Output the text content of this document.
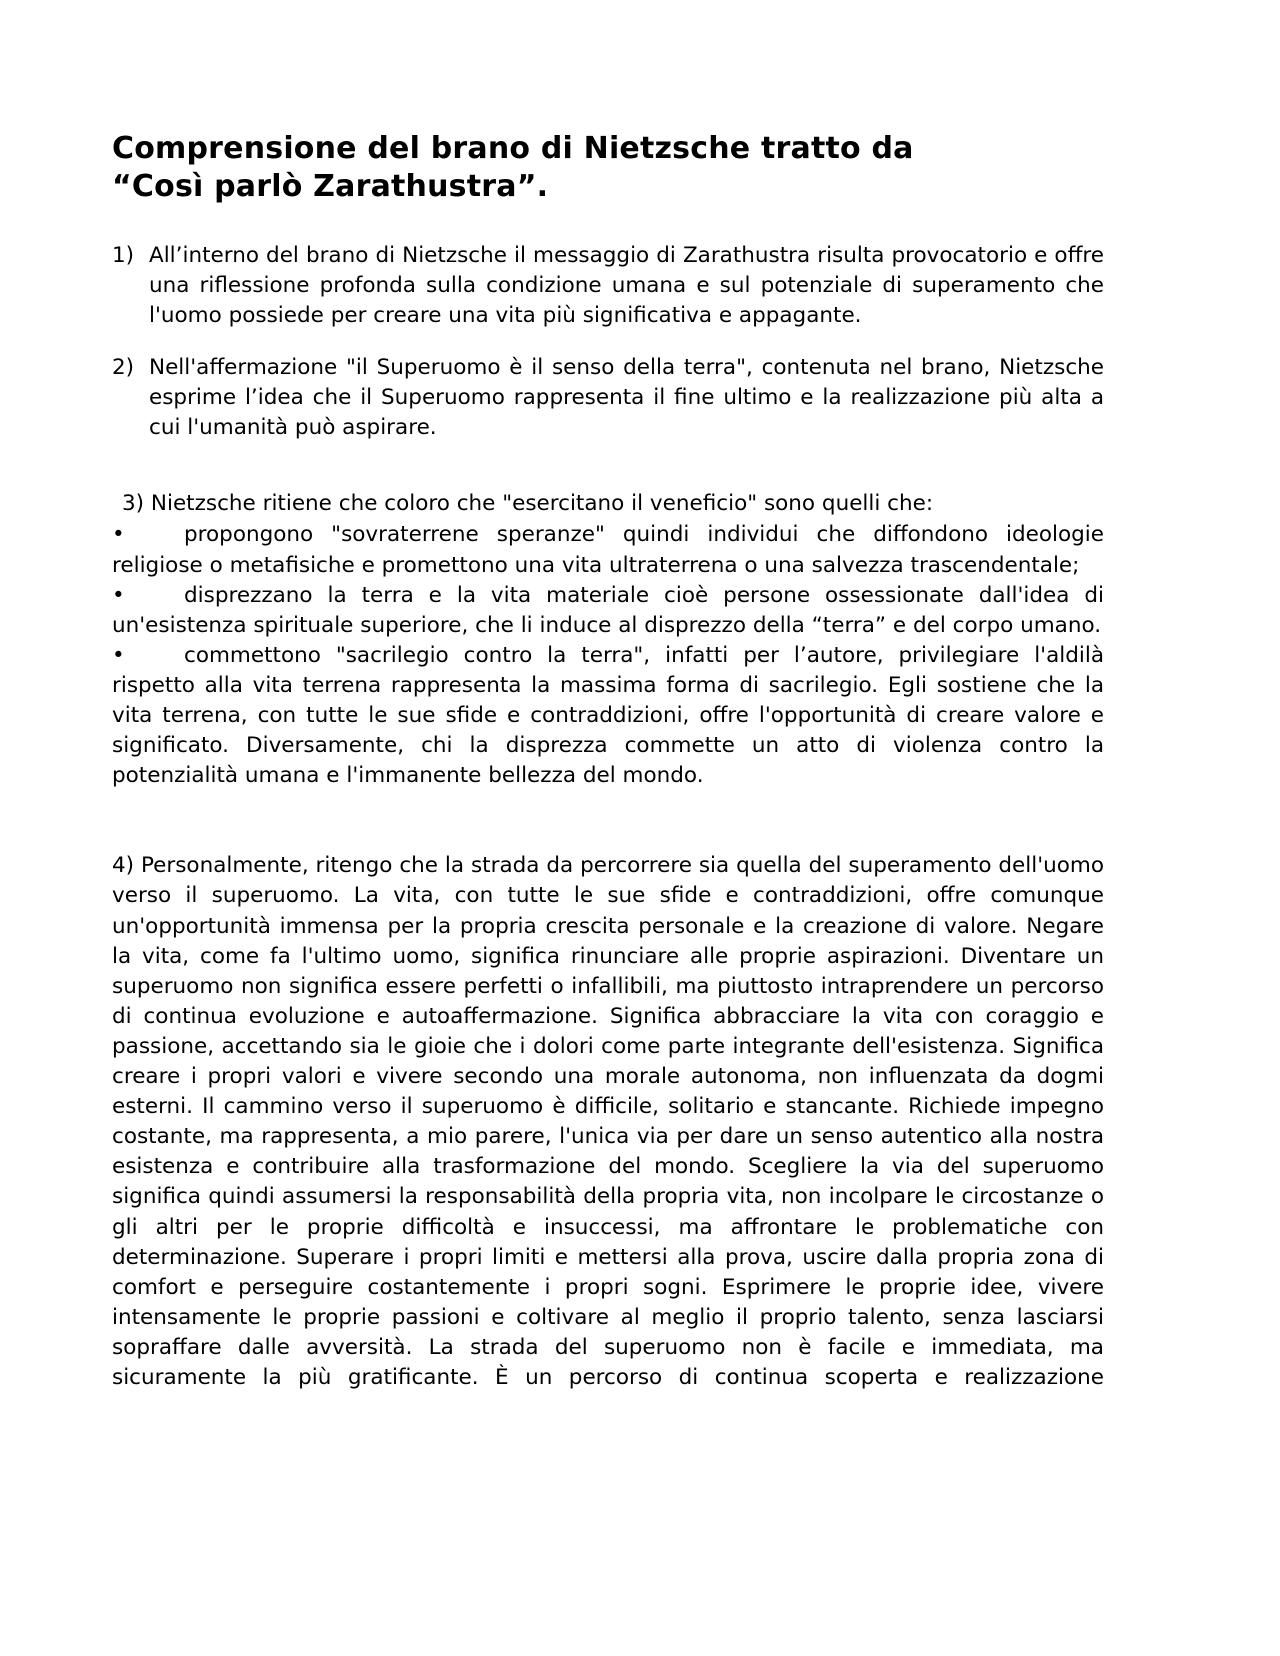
Comprensione del brano di Nietzsche tratto da
“Così parlò Zarathustra”.
1) All’interno del brano di Nietzsche il messaggio di Zarathustra risulta provocatorio e offre una riflessione profonda sulla condizione umana e sul potenziale di superamento che l'uomo possiede per creare una vita più significativa e appagante.
2) Nell'affermazione "il Superuomo è il senso della terra", contenuta nel brano, Nietzsche esprime l’idea che il Superuomo rappresenta il fine ultimo e la realizzazione più alta a cui l'umanità può aspirare.
3) Nietzsche ritiene che coloro che "esercitano il veneficio" sono quelli che:

•	propongono "sovraterrene speranze" quindi individui che diffondono ideologie religiose o metafisiche e promettono una vita ultraterrena o una salvezza trascendentale;

•	disprezzano la terra e la vita materiale cioè persone ossessionate dall'idea di un'esistenza spirituale superiore, che li induce al disprezzo della “terra” e del corpo umano.

•	commettono "sacrilegio contro la terra", infatti per l’autore, privilegiare l'aldilà rispetto alla vita terrena rappresenta la massima forma di sacrilegio. Egli sostiene che la vita terrena, con tutte le sue sfide e contraddizioni, offre l'opportunità di creare valore e significato. Diversamente, chi la disprezza commette un atto di violenza contro la potenzialità umana e l'immanente bellezza del mondo.

4) Personalmente, ritengo che la strada da percorrere sia quella del superamento dell'uomo verso il superuomo. La vita, con tutte le sue sfide e contraddizioni, offre comunque un'opportunità immensa per la propria crescita personale e la creazione di valore. Negare la vita, come fa l'ultimo uomo, significa rinunciare alle proprie aspirazioni. Diventare un superuomo non significa essere perfetti o infallibili, ma piuttosto intraprendere un percorso di continua evoluzione e autoaffermazione. Significa abbracciare la vita con coraggio e passione, accettando sia le gioie che i dolori come parte integrante dell'esistenza. Significa creare i propri valori e vivere secondo una morale autonoma, non influenzata da dogmi esterni. Il cammino verso il superuomo è difficile, solitario e stancante. Richiede impegno costante, ma rappresenta, a mio parere, l'unica via per dare un senso autentico alla nostra esistenza e contribuire alla trasformazione del mondo. Scegliere la via del superuomo significa quindi assumersi la responsabilità della propria vita, non incolpare le circostanze o gli altri per le proprie difficoltà e insuccessi, ma affrontare le problematiche con determinazione. Superare i propri limiti e mettersi alla prova, uscire dalla propria zona di comfort e perseguire costantemente i propri sogni. Esprimere le proprie idee, vivere intensamente le proprie passioni e coltivare al meglio il proprio talento, senza lasciarsi sopraffare dalle avversità. La strada del superuomo non è facile e immediata, ma sicuramente la più gratificante. È un percorso di continua scoperta e realizzazione
